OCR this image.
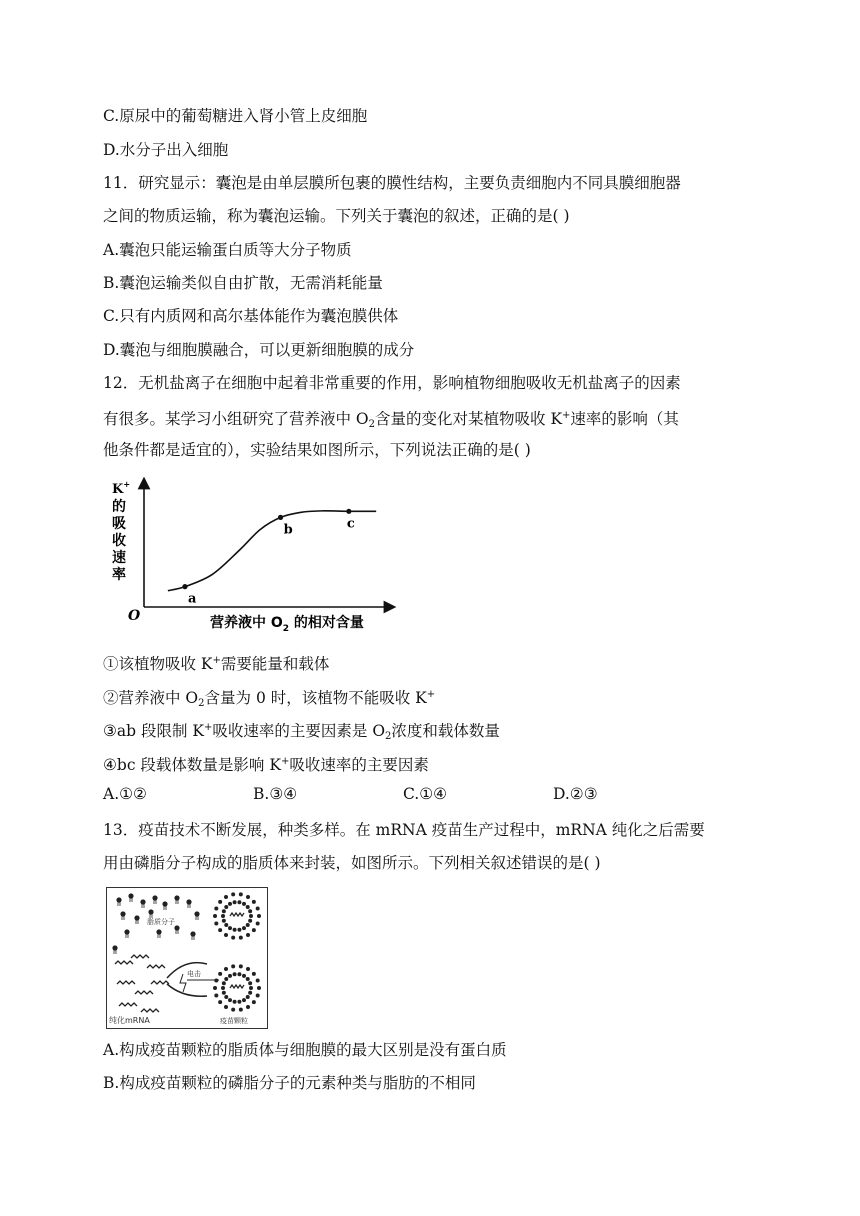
C.原尿中的葡萄糖进入肾小管上皮细胞
D.水分子出入细胞
11．研究显示：囊泡是由单层膜所包裹的膜性结构，主要负责细胞内不同具膜细胞器
之间的物质运输，称为囊泡运输。下列关于囊泡的叙述，正确的是( )
A.囊泡只能运输蛋白质等大分子物质
B.囊泡运输类似自由扩散，无需消耗能量
C.只有内质网和高尔基体能作为囊泡膜供体
D.囊泡与细胞膜融合，可以更新细胞膜的成分
12．无机盐离子在细胞中起着非常重要的作用，影响植物细胞吸收无机盐离子的因素
有很多。某学习小组研究了营养液中 $O_2$含量的变化对某植物吸收 K+速率的影响（其
他条件都是适宜的），实验结果如图所示，下列说法正确的是( )
K+
的
吸
收
速
率
O
a
b	c
营养液中 $O_2$ 的相对含量
①该植物吸收 K+需要能量和载体
②营养液中 $O_2$含量为 0 时，该植物不能吸收 K+
③ab 段限制 K+吸收速率的主要因素是 $O_2$浓度和载体数量
④bc 段载体数量是影响 K+吸收速率的主要因素
A.①②	B.③④	C.①④	D.②③
13．疫苗技术不断发展，种类多样。在 mRNA 疫苗生产过程中，mRNA 纯化之后需要
用由磷脂分子构成的脂质体来封装，如图所示。下列相关叙述错误的是( )
电击
脂质分子
纯化mRNA	疫苗颗粒
A.构成疫苗颗粒的脂质体与细胞膜的最大区别是没有蛋白质
B.构成疫苗颗粒的磷脂分子的元素种类与脂肪的不相同
